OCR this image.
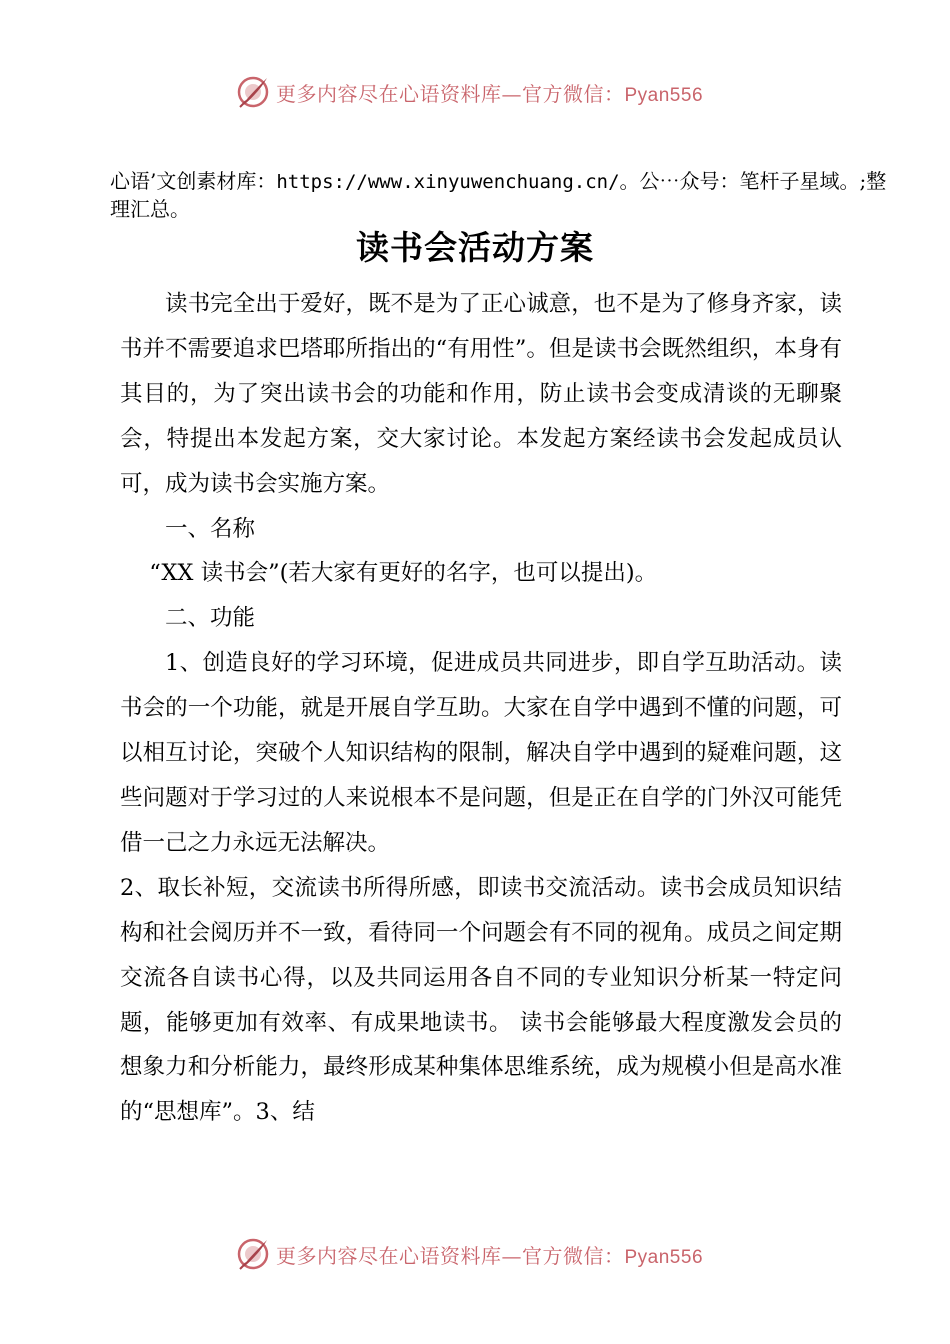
更多内容尽在心语资料库—官方微信：Pyan556
心语’文创素材库：https://www.xinyuwenchuang.cn/。公⋯众号：笔杆子星域。;整理汇总。
读书会活动方案

读书完全出于爱好，既不是为了正心诚意，也不是为了修身齐家，读书并不需要追求巴塔耶所指出的“有用性”。但是读书会既然组织，本身有其目的，为了突出读书会的功能和作用，防止读书会变成清谈的无聊聚会，特提出本发起方案，交大家讨论。本发起方案经读书会发起成员认可，成为读书会实施方案。

一、名称

“XX 读书会”(若大家有更好的名字，也可以提出)。

二、功能

1、创造良好的学习环境，促进成员共同进步，即自学互助活动。读书会的一个功能，就是开展自学互助。大家在自学中遇到不懂的问题，可以相互讨论，突破个人知识结构的限制，解决自学中遇到的疑难问题，这些问题对于学习过的人来说根本不是问题，但是正在自学的门外汉可能凭借一己之力永远无法解决。

2、取长补短，交流读书所得所感，即读书交流活动。读书会成员知识结构和社会阅历并不一致，看待同一个问题会有不同的视角。成员之间定期交流各自读书心得，以及共同运用各自不同的专业知识分析某一特定问题，能够更加有效率、有成果地读书。 读书会能够最大程度激发会员的想象力和分析能力，最终形成某种集体思维系统，成为规模小但是高水准的“思想库”。3、结

更多内容尽在心语资料库—官方微信：Pyan556
